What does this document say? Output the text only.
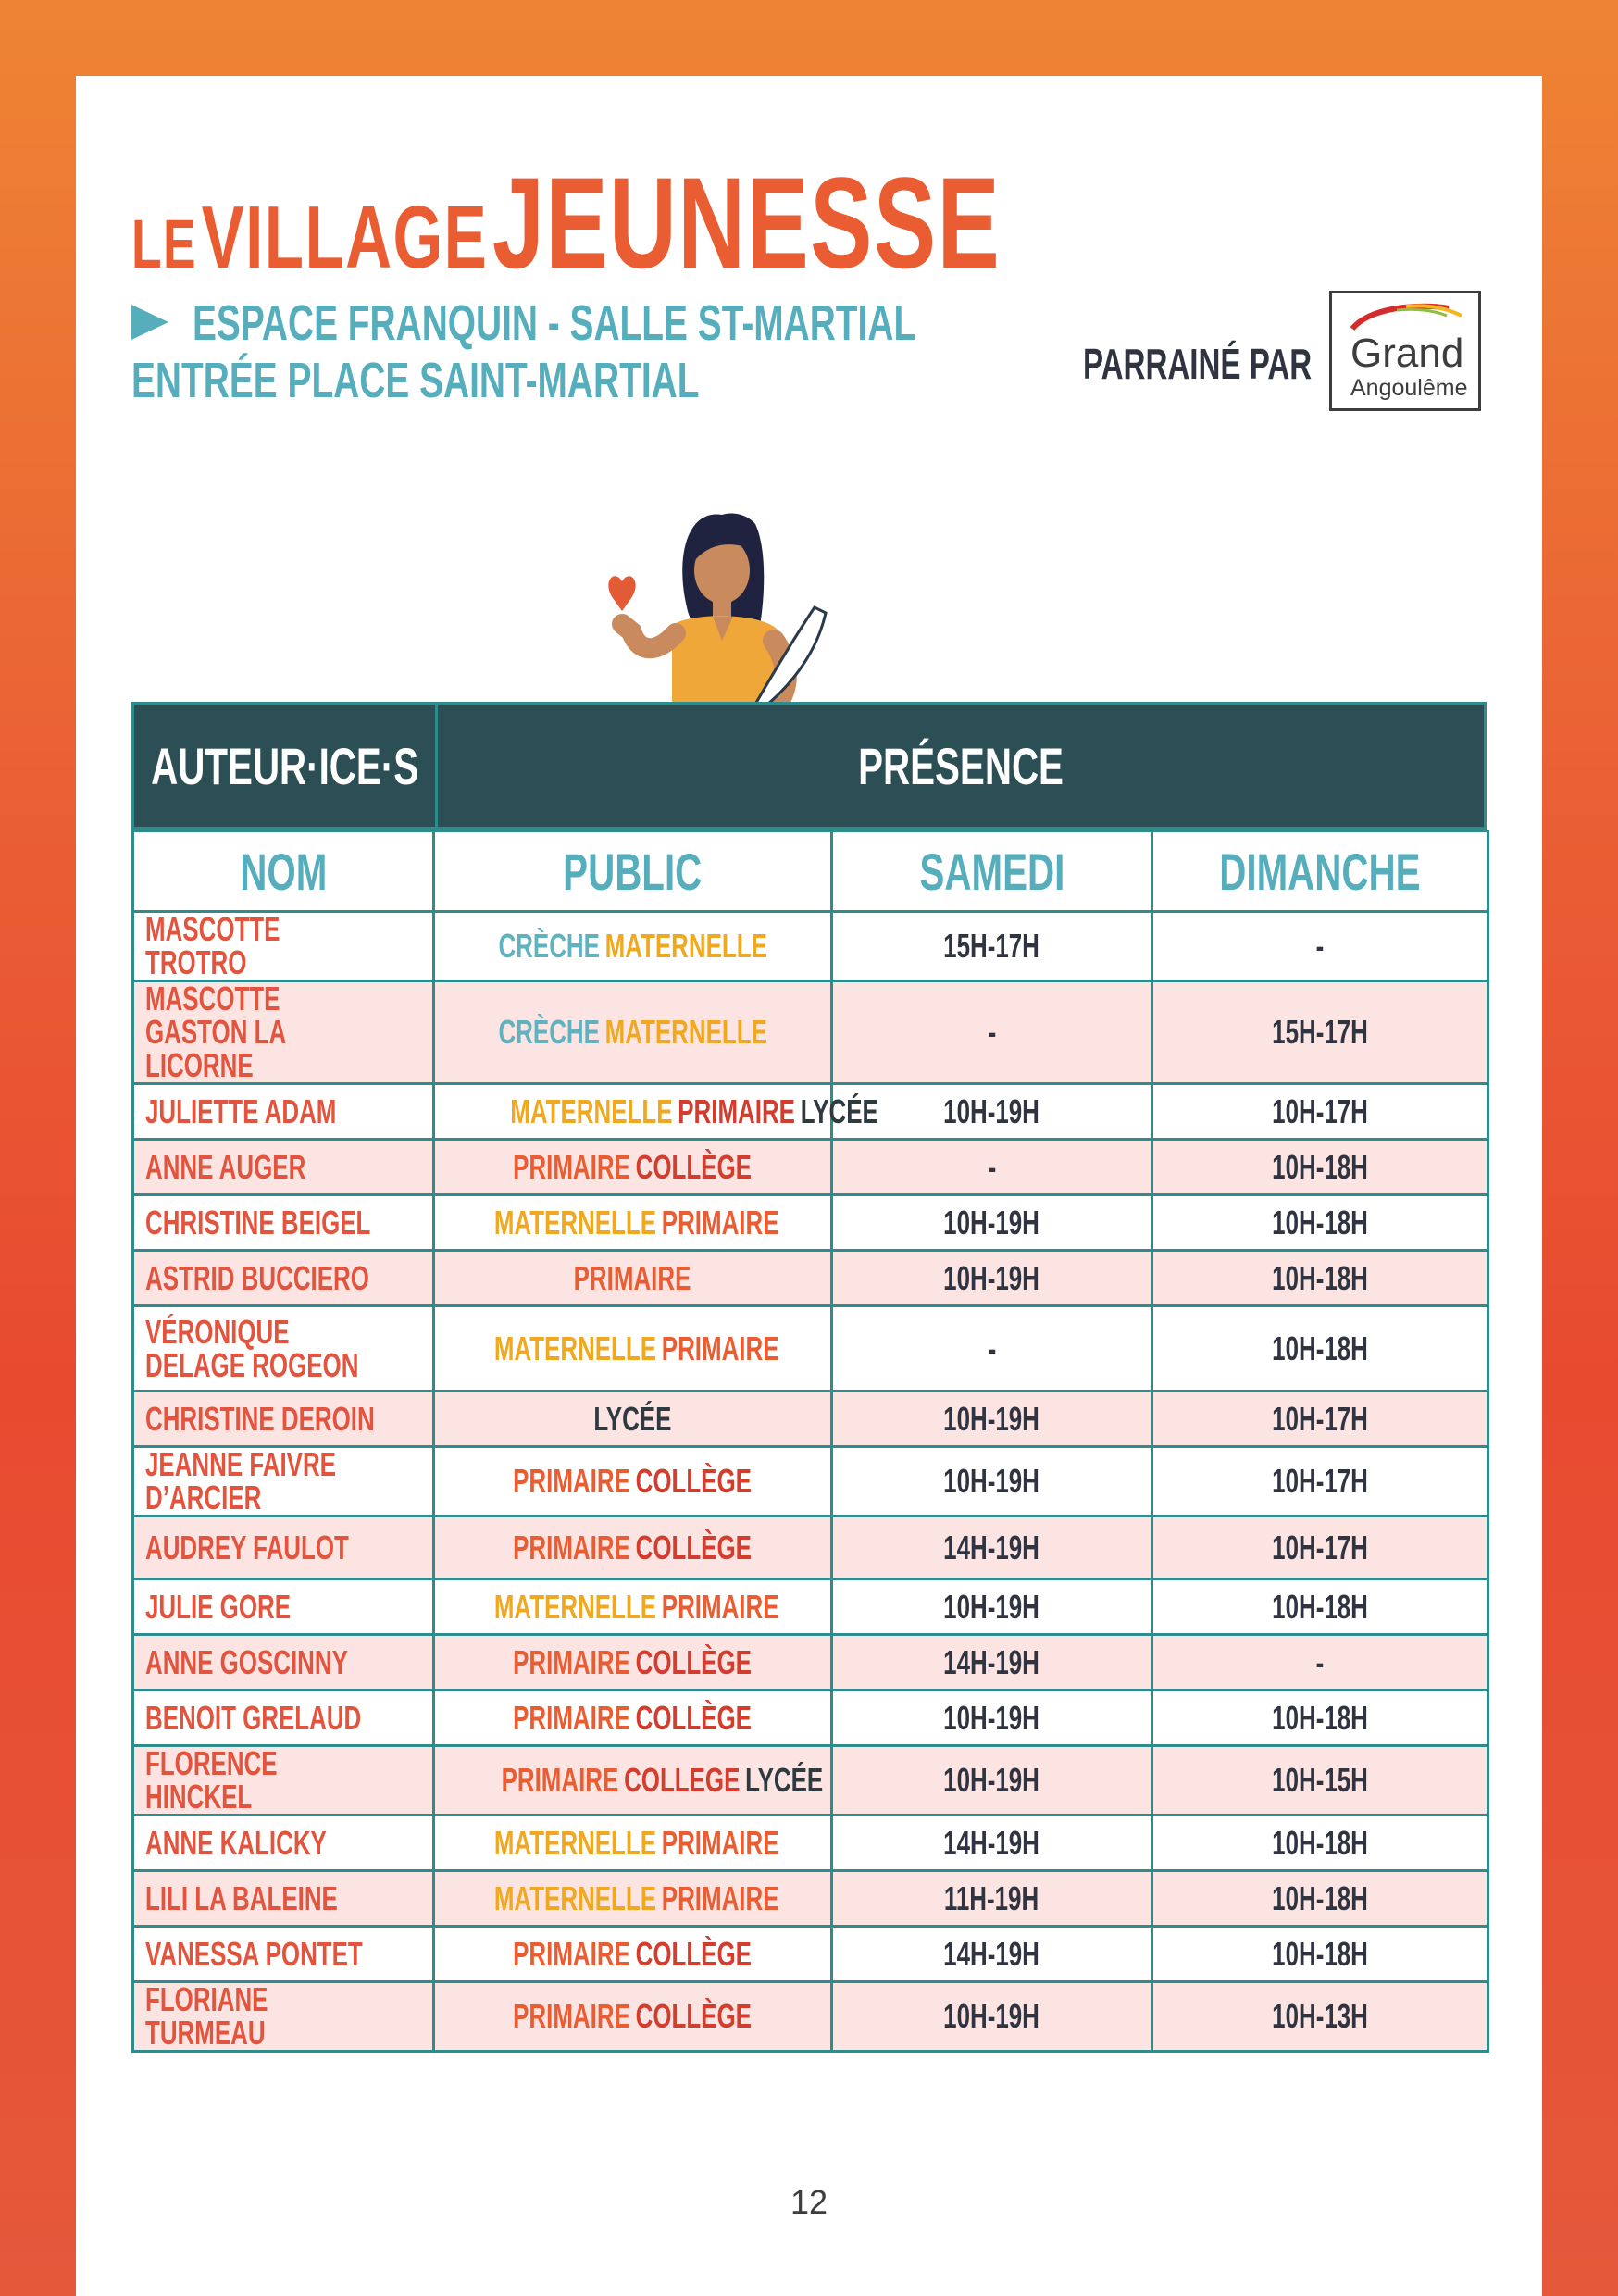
LE VILLAGE JEUNESSE
ESPACE FRANQUIN - SALLE ST-MARTIAL
ENTRÉE PLACE SAINT-MARTIAL	PARRAINÉ PAR Grand
Angoulême
AUTEUR·ICE·S	PRÉSENCE
NOM	PUBLIC	SAMEDI	DIMANCHE
MASCOTTE TROTRO	CRÈCHE MATERNELLE	15H-17H	-
MASCOTTE GASTON LA LICORNE	CRÈCHE MATERNELLE	-	15H-17H
JULIETTE ADAM	MATERNELLE PRIMAIRE LYCÉE	10H-19H	10H-17H
ANNE AUGER	PRIMAIRE COLLÈGE	-	10H-18H
CHRISTINE BEIGEL	MATERNELLE PRIMAIRE	10H-19H	10H-18H
ASTRID BUCCIERO	PRIMAIRE	10H-19H	10H-18H
VÉRONIQUE DELAGE ROGEON	MATERNELLE PRIMAIRE	-	10H-18H
CHRISTINE DEROIN	LYCÉE	10H-19H	10H-17H
JEANNE FAIVRE D’ARCIER	PRIMAIRE COLLÈGE	10H-19H	10H-17H
AUDREY FAULOT	PRIMAIRE COLLÈGE	14H-19H	10H-17H
JULIE GORE	MATERNELLE PRIMAIRE	10H-19H	10H-18H
ANNE GOSCINNY	PRIMAIRE COLLÈGE	14H-19H	-
BENOIT GRELAUD	PRIMAIRE COLLÈGE	10H-19H	10H-18H
FLORENCE HINCKEL	PRIMAIRE COLLEGE LYCÉE	10H-19H	10H-15H
ANNE KALICKY	MATERNELLE PRIMAIRE	14H-19H	10H-18H
LILI LA BALEINE	MATERNELLE PRIMAIRE	11H-19H	10H-18H
VANESSA PONTET	PRIMAIRE COLLÈGE	14H-19H	10H-18H
FLORIANE TURMEAU	PRIMAIRE COLLÈGE	10H-19H	10H-13H
12
